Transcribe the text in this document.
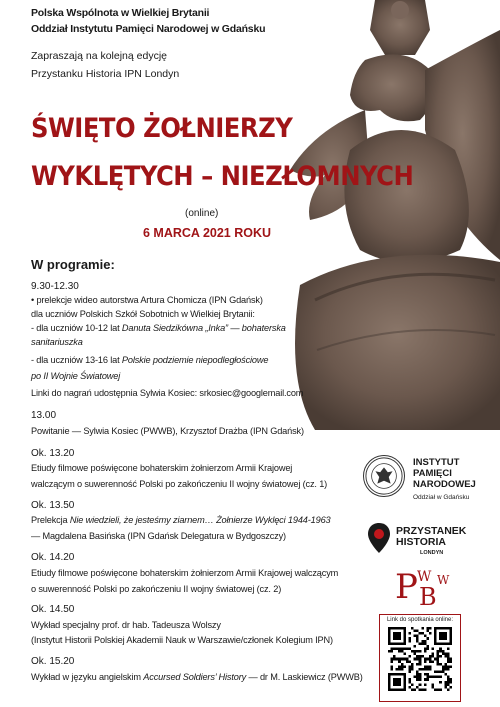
Polska Wspólnota w Wielkiej Brytanii
Oddział Instytutu Pamięci Narodowej w Gdańsku
Zapraszają na kolejną edycję
Przystanku Historia IPN Londyn
ŚWIĘTO ŻOŁNIERZY
WYKLĘTYCH – NIEZŁOMNYCH
(online)
6 MARCA 2021 ROKU
W programie:
9.30-12.30
• prelekcje wideo autorstwa Artura Chomicza (IPN Gdańsk)
dla uczniów Polskich Szkół Sobotnich w Wielkiej Brytanii:
- dla uczniów 10-12 lat Danuta Siedzikówna „Inka” — bohaterska
sanitariuszka
- dla uczniów 13-16 lat Polskie podziemie niepodległościowe
po II Wojnie Światowej
Linki do nagrań udostępnia Sylwia Kosiec: srkosiec@googlemail.com
13.00
Powitanie — Sylwia Kosiec (PWWB), Krzysztof Drażba (IPN Gdańsk)
Ok. 13.20
Etiudy filmowe poświęcone bohaterskim żołnierzom Armii Krajowej
walczącym o suwerenność Polski po zakończeniu II wojny światowej (cz. 1)
Ok. 13.50
Prelekcja Nie wiedzieli, że jesteśmy ziarnem… Żołnierze Wyklęci 1944-1963
— Magdalena Basińska (IPN Gdańsk Delegatura w Bydgoszczy)
Ok. 14.20
Etiudy filmowe poświęcone bohaterskim żołnierzom Armii Krajowej walczącym
o suwerenność Polski po zakończeniu II wojny światowej (cz. 2)
Ok. 14.50
Wykład specjalny prof. dr hab. Tadeusza Wolszy
(Instytut Historii Polskiej Akademii Nauk w Warszawie/członek Kolegium IPN)
Ok. 15.20
Wykład w języku angielskim Accursed Soldiers’ History — dr M. Laskiewicz (PWWB)
INSTYTUT
PAMIĘCI
NARODOWEJ
Oddział w Gdańsku
PRZYSTANEK
HISTORIA
LONDYN
P W
B
W
Link do spotkania online:
